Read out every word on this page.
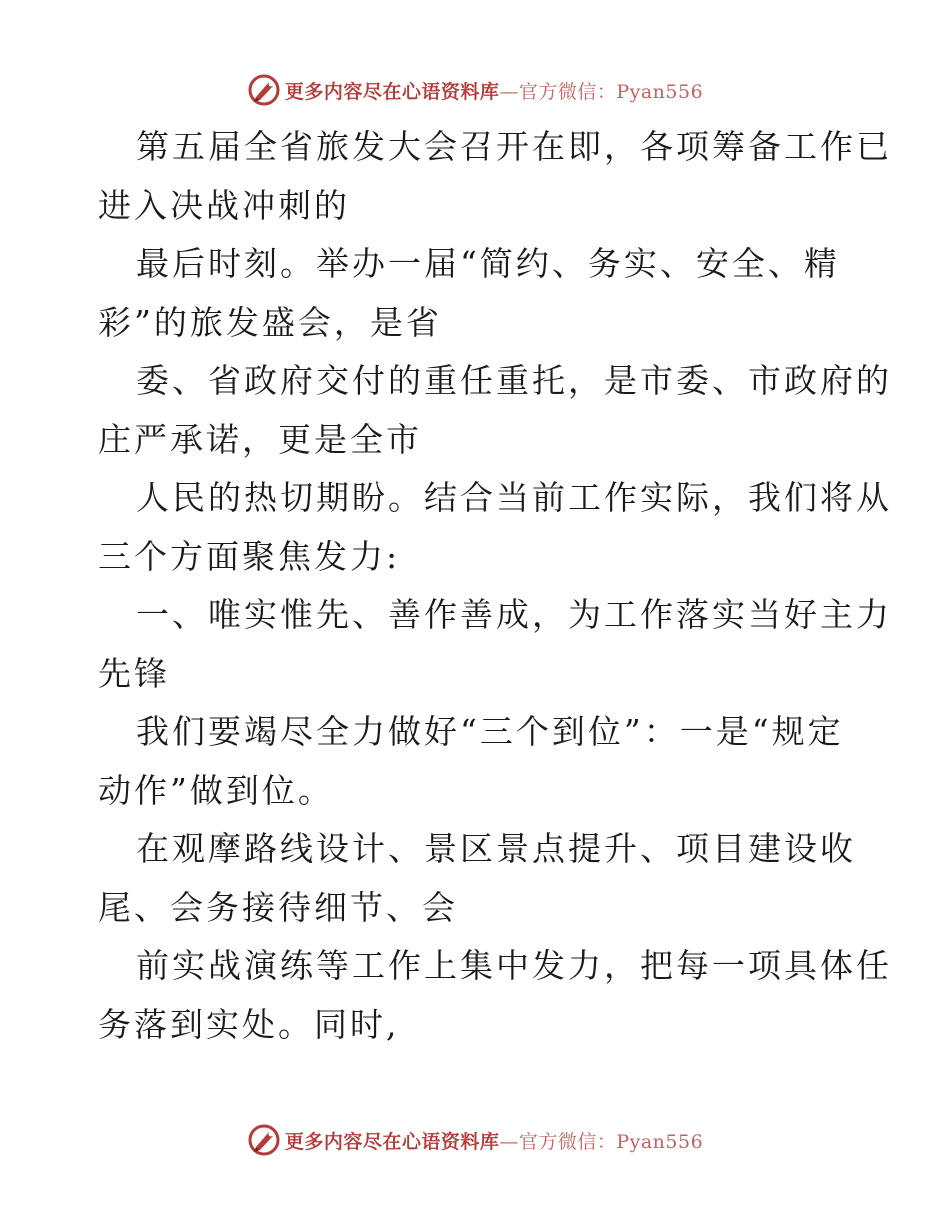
更多内容尽在心语资料库—官方微信：Pyan556
第五届全省旅发大会召开在即，各项筹备工作已
进入决战冲刺的
最后时刻。举办一届“简约、务实、安全、精
彩”的旅发盛会，是省
委、省政府交付的重任重托，是市委、市政府的
庄严承诺，更是全市
人民的热切期盼。结合当前工作实际，我们将从
三个方面聚焦发力:
一、唯实惟先、善作善成，为工作落实当好主力
先锋
我们要竭尽全力做好“三个到位”：一是“规定
动作”做到位。
在观摩路线设计、景区景点提升、项目建设收
尾、会务接待细节、会
前实战演练等工作上集中发力，把每一项具体任
务落到实处。同时,
更多内容尽在心语资料库—官方微信：Pyan556
